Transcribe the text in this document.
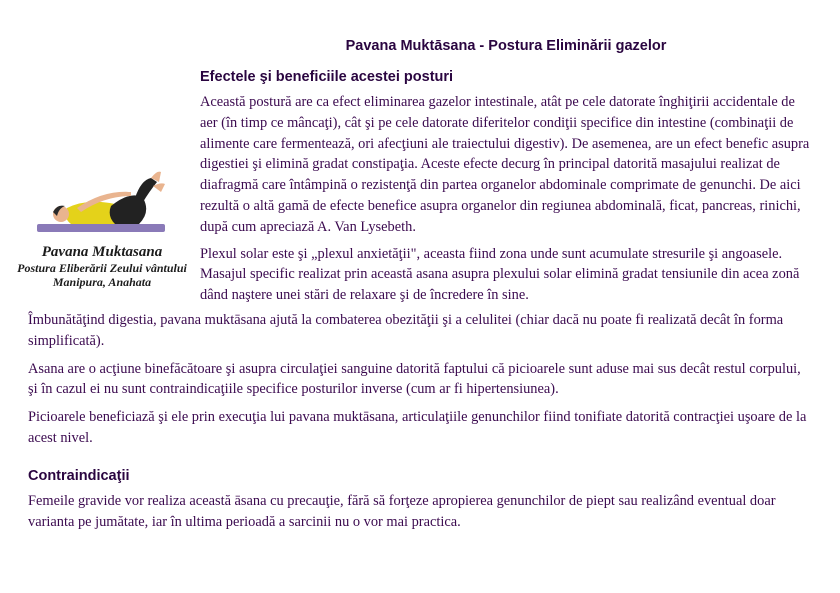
Pavana Muktāsana - Postura Eliminării gazelor
Pavana Muktasana
Postura Eliberării Zeului vântului
Manipura, Anahata
Efectele şi beneficiile acestei posturi

Această postură are ca efect eliminarea gazelor intestinale, atât pe cele datorate înghiţirii accidentale de aer (în timp ce mâncaţi), cât şi pe cele datorate diferitelor condiţii specifice din intestine (combinaţii de alimente care fermentează, ori afecţiuni ale traiectului digestiv). De asemenea, are un efect benefic asupra digestiei şi elimină gradat constipaţia. Aceste efecte decurg în principal datorită masajului realizat de diafragmă care întâmpină o rezistenţă din partea organelor abdominale comprimate de genunchi. De aici rezultă o altă gamă de efecte benefice asupra organelor din regiunea abdominală, ficat, pancreas, rinichi, după cum apreciază A. Van Lysebeth.

Plexul solar este şi „plexul anxietăţii", aceasta fiind zona unde sunt acumulate stresurile şi angoasele. Masajul specific realizat prin această asana asupra plexului solar elimină gradat tensiunile din acea zonă dând naştere unei stări de relaxare şi de încredere în sine.

Îmbunătăţind digestia, pavana muktāsana ajută la combaterea obezităţii şi a celulitei (chiar dacă nu poate fi realizată decât în forma simplificată).

Asana are o acţiune binefăcătoare şi asupra circulaţiei sanguine datorită faptului că picioarele sunt aduse mai sus decât restul corpului, şi în cazul ei nu sunt contraindicaţiile specifice posturilor inverse (cum ar fi hipertensiunea).

Picioarele beneficiază şi ele prin execuţia lui pavana muktāsana, articulaţiile genunchilor fiind tonifiate datorită contracţiei uşoare de la acest nivel.

Contraindicaţii

Femeile gravide vor realiza această āsana cu precauţie, fără să forţeze apropierea genunchilor de piept sau realizând eventual doar varianta pe jumătate, iar în ultima perioadă a sarcinii nu o vor mai practica.
